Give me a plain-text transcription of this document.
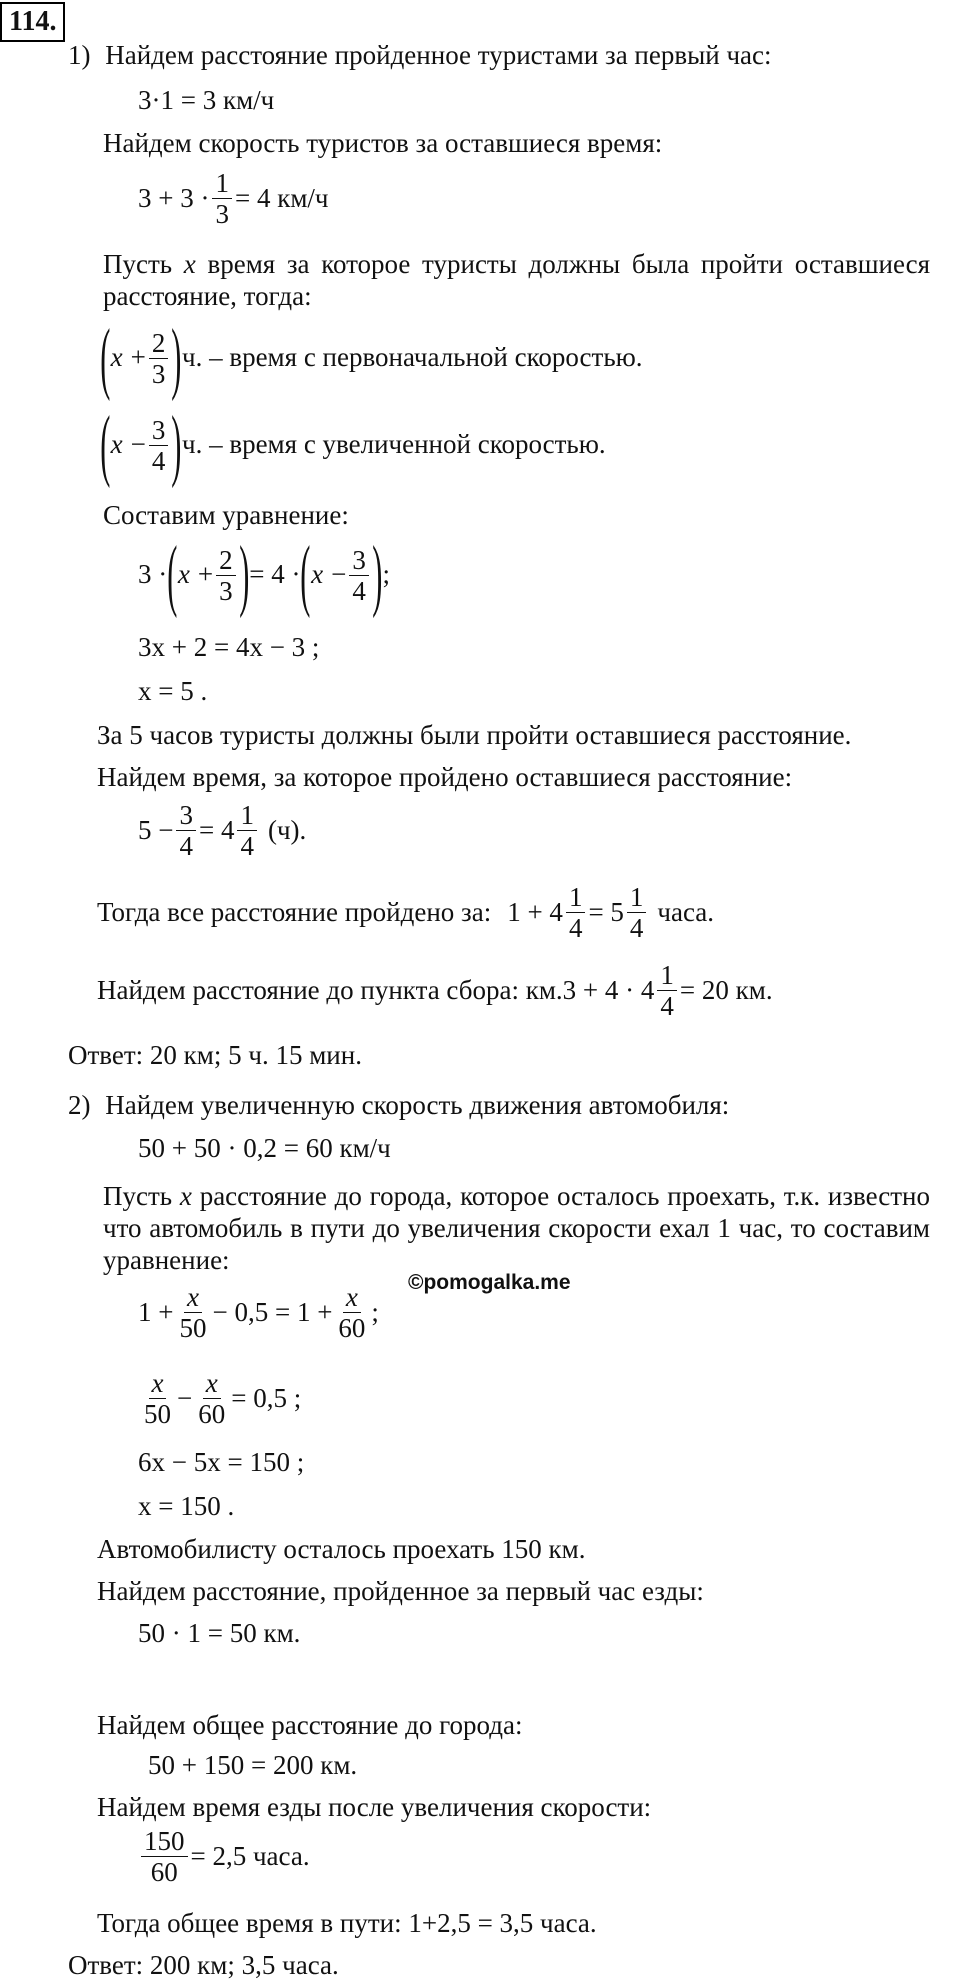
114.
1) Найдем расстояние пройденное туристами за первый час:
3·1 = 3 км/ч
Найдем скорость туристов за оставшиеся время:
$3 + 3 \cdot \frac{1}{3} = 4$ км/ч
Пусть x время за которое туристы должны была пройти оставшиеся расстояние, тогда:
( $x + \frac{2}{3}$ ) ч. – время с первоначальной скоростью.
( $x - \frac{3}{4}$ ) ч. – время с увеличенной скоростью.
Составим уравнение:
3 · ( $x + \frac{2}{3}$ ) = 4 · ( $x - \frac{3}{4}$ ) ;
3x + 2 = 4x − 3 ;
x = 5 .
За 5 часов туристы должны были пройти оставшиеся расстояние.
Найдем время, за которое пройдено оставшиеся расстояние:
$5 - \frac{3}{4} = 4 \frac{1}{4} (ч)$.
Тогда все расстояние пройдено за: $1 + 4 \frac{1}{4} = 5 \frac{1}{4}$ часа.
Найдем расстояние до пункта сбора: км. $3 + 4 \cdot 4 \frac{1}{4} = 20$ км.
Ответ: 20 км; 5 ч. 15 мин.
2) Найдем увеличенную скорость движения автомобиля:
50 + 50 · 0,2 = 60 км/ч
Пусть x расстояние до города, которое осталось проехать, т.к. известно что автомобиль в пути до увеличения скорости ехал 1 час, то составим уравнение:
©pomogalka.me
$1 + \frac{x}{50} - 0,5 = 1 + \frac{x}{60}$ ;
$\frac{x}{50} - \frac{x}{60} = 0,5$ ;
6x − 5x = 150 ;
x = 150 .
Автомобилисту осталось проехать 150 км.
Найдем расстояние, пройденное за первый час езды:
50 · 1 = 50 км.
Найдем общее расстояние до города:
50 + 150 = 200 км.
Найдем время езды после увеличения скорости:
$\frac{150}{60} = 2,5$ часа.
Тогда общее время в пути: 1+2,5 = 3,5 часа.
Ответ: 200 км; 3,5 часа.
